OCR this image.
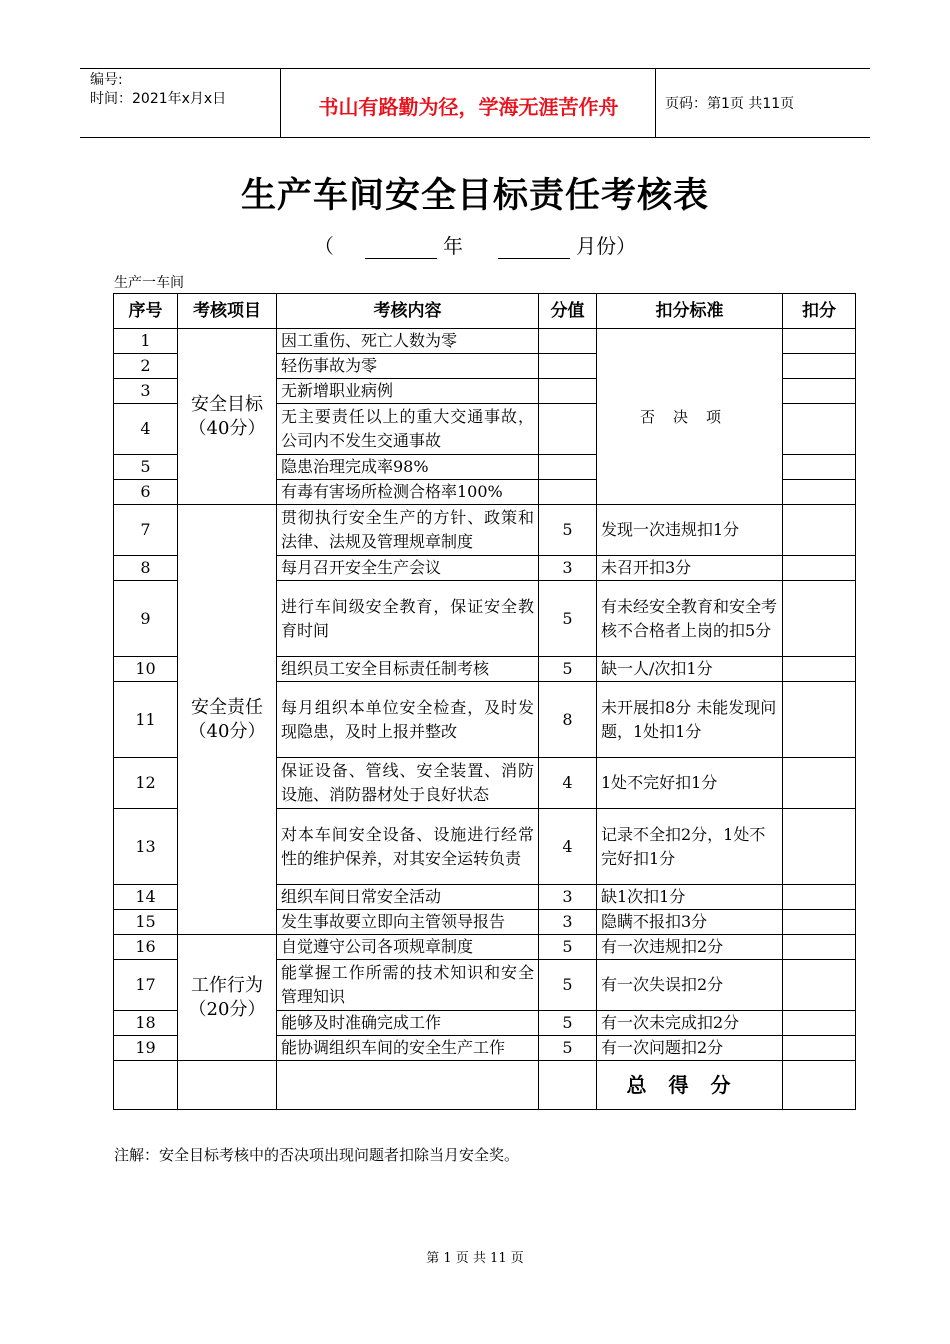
编号:
时间：2021年x月x日	书山有路勤为径，学海无涯苦作舟	页码：第1页 共11页
生产车间安全目标责任考核表
（	年	月份）
生产一车间
序号	考核项目	考核内容	分值	扣分标准	扣分
1	安全目标（40分）	因工重伤、死亡人数为零		否决项	
2		轻伤事故为零			
3		无新增职业病例			
4		无主要责任以上的重大交通事故，公司内不发生交通事故			
5		隐患治理完成率98%			
6		有毒有害场所检测合格率100%			
7	安全责任（40分）	贯彻执行安全生产的方针、政策和法律、法规及管理规章制度	5	发现一次违规扣1分	
8		每月召开安全生产会议	3	未召开扣3分	
9		进行车间级安全教育，保证安全教育时间	5	有未经安全教育和安全考核不合格者上岗的扣5分	
10		组织员工安全目标责任制考核	5	缺一人/次扣1分	
11		每月组织本单位安全检查，及时发现隐患，及时上报并整改	8	未开展扣8分 未能发现问题，1处扣1分	
12		保证设备、管线、安全装置、消防设施、消防器材处于良好状态	4	1处不完好扣1分	
13		对本车间安全设备、设施进行经常性的维护保养，对其安全运转负责	4	记录不全扣2分，1处不完好扣1分	
14		组织车间日常安全活动	3	缺1次扣1分	
15		发生事故要立即向主管领导报告	3	隐瞒不报扣3分	
16	工作行为（20分）	自觉遵守公司各项规章制度	5	有一次违规扣2分	
17		能掌握工作所需的技术知识和安全管理知识	5	有一次失误扣2分	
18		能够及时准确完成工作	5	有一次未完成扣2分	
19		能协调组织车间的安全生产工作	5	有一次问题扣2分	
				总得分	
注解：安全目标考核中的否决项出现问题者扣除当月安全奖。
第 1 页 共 11 页
